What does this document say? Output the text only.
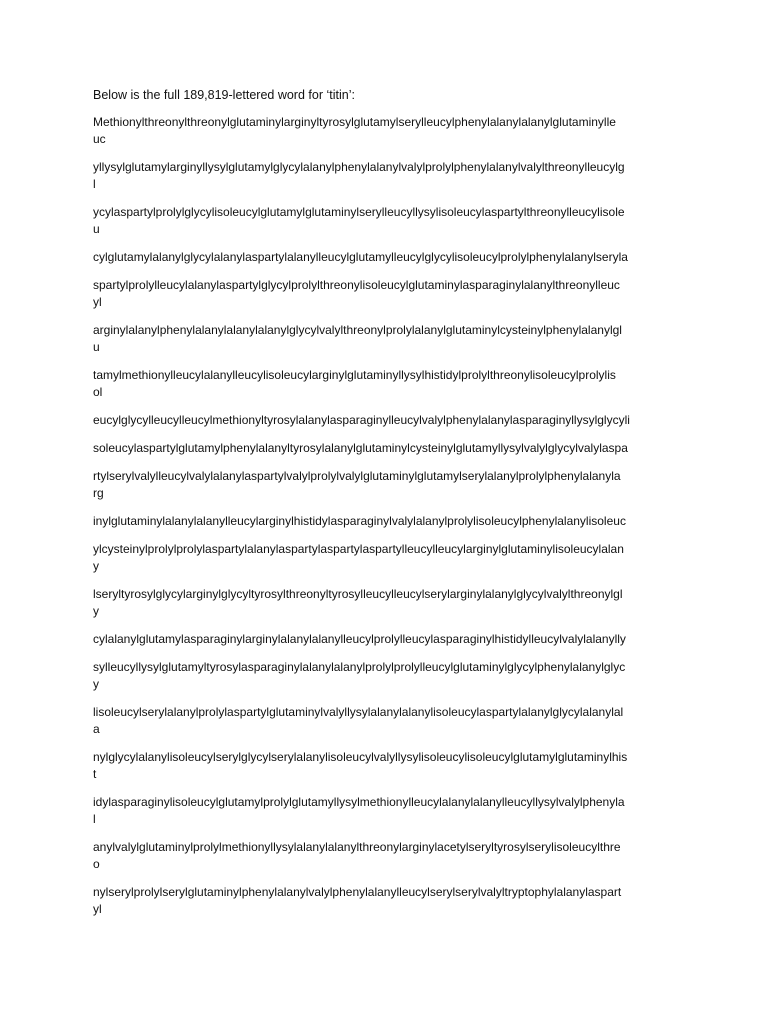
Below is the full 189,819-lettered word for ‘titin’:
Methionylthreonylthreonylglutaminylarginyltyrosylglutamylserylleucylphenylalanylalanylglutaminylle
uc
yllysylglutamylarginyllysylglutamylglycylalanylphenylalanylvalylprolylphenylalanylvalylthreonylleucylg
l
ycylaspartylprolylglycylisoleucylglutamylglutaminylserylleucyllysylisoleucylaspartylthreonylleucylisole
u
cylglutamylalanylglycylalanylaspartylalanylleucylglutamylleucylglycylisoleucylprolylphenylalanylseryla
spartylprolylleucylalanylaspartylglycylprolylthreonylisoleucylglutaminylasparaginylalanylthreonylleuc
yl
arginylalanylphenylalanylalanylalanylglycylvalylthreonylprolylalanylglutaminylcysteinylphenylalanylgl
u
tamylmethionylleucylalanylleucylisoleucylarginylglutaminyllysylhistidylprolylthreonylisoleucylprolylis
ol
eucylglycylleucylleucylmethionyltyrosylalanylasparaginylleucylvalylphenylalanylasparaginyllysylglycyli
soleucylaspartylglutamylphenylalanyltyrosylalanylglutaminylcysteinylglutamyllysylvalylglycylvalylaspa
rtylserylvalylleucylvalylalanylaspartylvalylprolylvalylglutaminylglutamylserylalanylprolylphenylalanyla
rg
inylglutaminylalanylalanylleucylarginylhistidylasparaginylvalylalanylprolylisoleucylphenylalanylisoleuc
ylcysteinylprolylprolylaspartylalanylaspartylaspartylaspartylleucylleucylarginylglutaminylisoleucylalan
y
lseryltyrosylglycylarginylglycyltyrosylthreonyltyrosylleucylleucylserylarginylalanylglycylvalylthreonylgl
y
cylalanylglutamylasparaginylarginylalanylalanylleucylprolylleucylasparaginylhistidylleucylvalylalanylly
sylleucyllysylglutamyltyrosylasparaginylalanylalanylprolylprolylleucylglutaminylglycylphenylalanylglyc
y
lisoleucylserylalanylprolylaspartylglutaminylvalyllysylalanylalanylisoleucylaspartylalanylglycylalanylal
a
nylglycylalanylisoleucylserylglycylserylalanylisoleucylvalyllysylisoleucylisoleucylglutamylglutaminylhis
t
idylasparaginylisoleucylglutamylprolylglutamyllysylmethionylleucylalanylalanylleucyllysylvalylphenyla
l
anylvalylglutaminylprolylmethionyllysylalanylalanylthreonylarginylacetylseryltyrosylserylisoleucylthre
o
nylserylprolylserylglutaminylphenylalanylvalylphenylalanylleucylserylserylvalyltryptophylalanylaspart
yl
